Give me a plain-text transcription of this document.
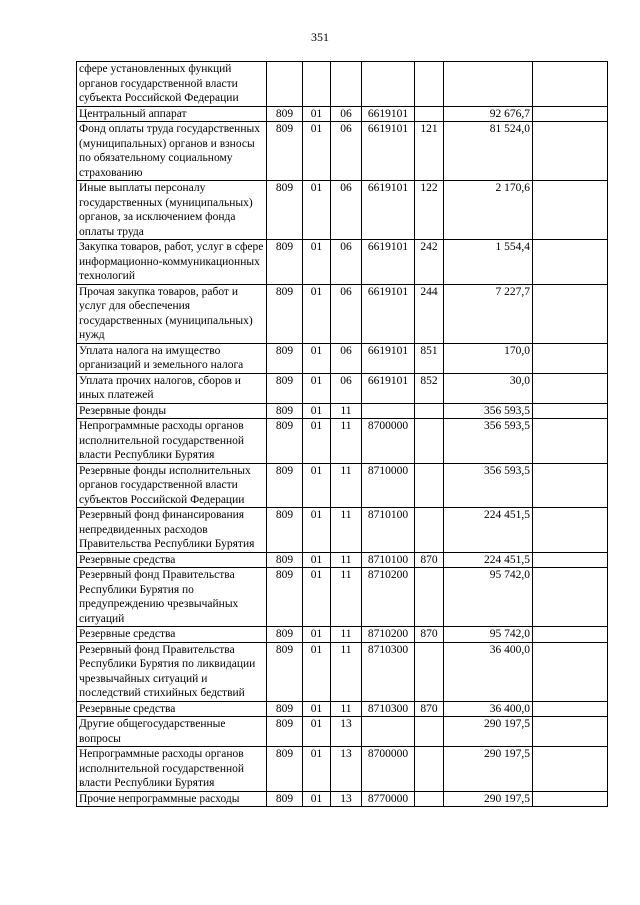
351
сфере установленных функций органов государственной власти субъекта Российской Федерации							
Центральный аппарат	809	01	06	6619101		92 676,7	
Фонд оплаты труда государственных (муниципальных) органов и взносы по обязательному социальному страхованию	809	01	06	6619101	121	81 524,0	
Иные выплаты персоналу государственных (муниципальных) органов, за исключением фонда оплаты труда	809	01	06	6619101	122	2 170,6	
Закупка товаров, работ, услуг в сфере информационно-коммуникационных технологий	809	01	06	6619101	242	1 554,4	
Прочая закупка товаров, работ и услуг для обеспечения государственных (муниципальных) нужд	809	01	06	6619101	244	7 227,7	
Уплата налога на имущество организаций и земельного налога	809	01	06	6619101	851	170,0	
Уплата прочих налогов, сборов и иных платежей	809	01	06	6619101	852	30,0	
Резервные фонды	809	01	11			356 593,5	
Непрограммные расходы органов исполнительной государственной власти Республики Бурятия	809	01	11	8700000		356 593,5	
Резервные фонды исполнительных органов государственной власти субъектов Российской Федерации	809	01	11	8710000		356 593,5	
Резервный фонд финансирования непредвиденных расходов Правительства Республики Бурятия	809	01	11	8710100		224 451,5	
Резервные средства	809	01	11	8710100	870	224 451,5	
Резервный фонд Правительства Республики Бурятия по предупреждению чрезвычайных ситуаций	809	01	11	8710200		95 742,0	
Резервные средства	809	01	11	8710200	870	95 742,0	
Резервный фонд Правительства Республики Бурятия по ликвидации чрезвычайных ситуаций и последствий стихийных бедствий	809	01	11	8710300		36 400,0	
Резервные средства	809	01	11	8710300	870	36 400,0	
Другие общегосударственные вопросы	809	01	13			290 197,5	
Непрограммные расходы органов исполнительной государственной власти Республики Бурятия	809	01	13	8700000		290 197,5	
Прочие непрограммные расходы	809	01	13	8770000		290 197,5	
